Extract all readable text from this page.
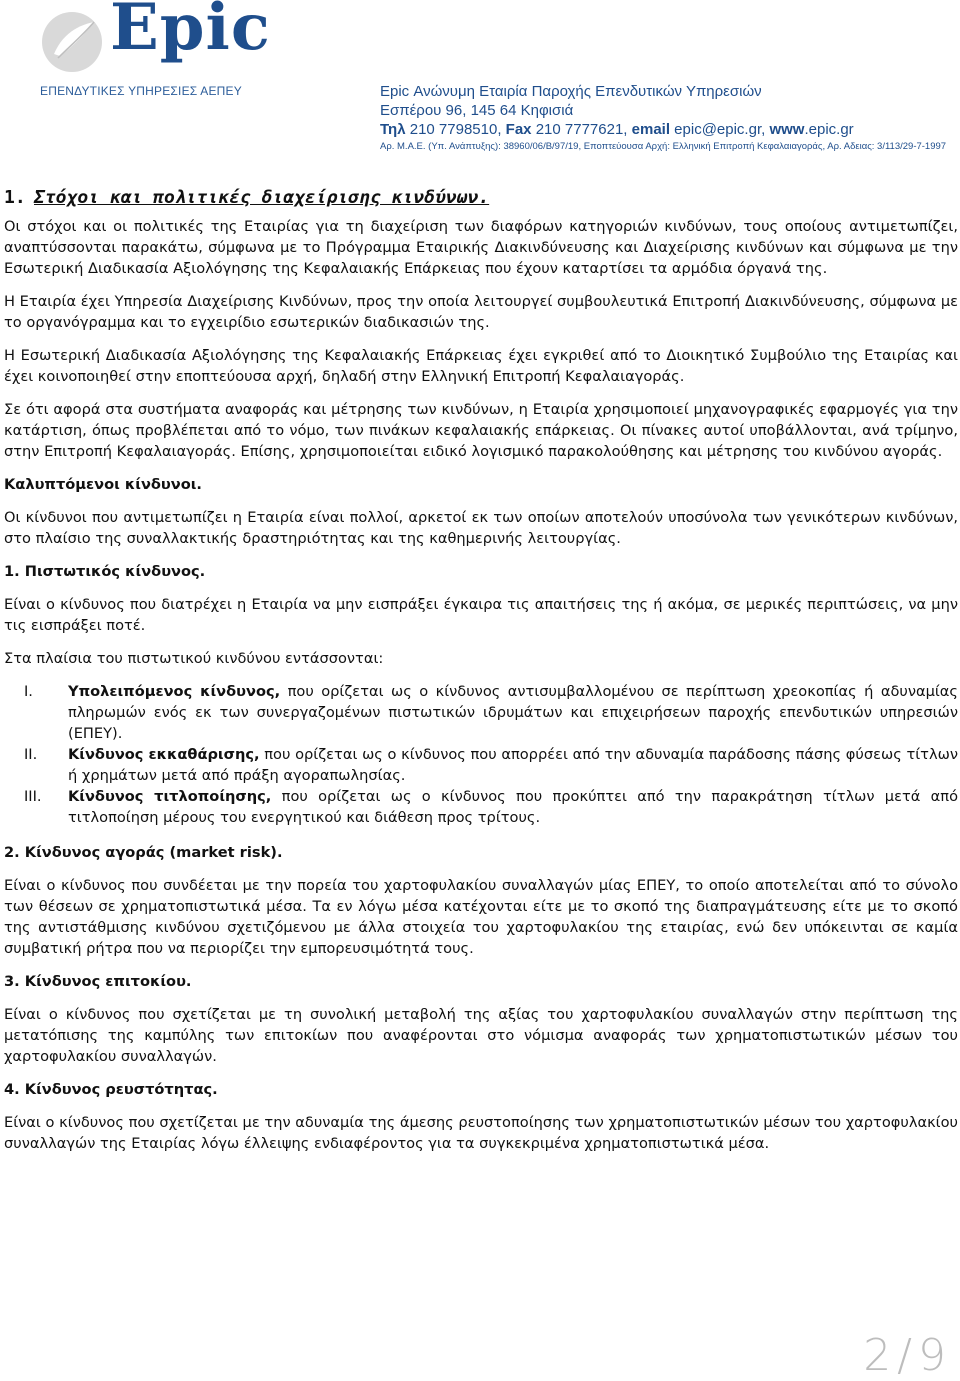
Epic
ΕΠΕΝΔΥΤΙΚΕΣ ΥΠΗΡΕΣΙΕΣ ΑΕΠΕΥ	Epic Ανώνυμη Εταιρία Παροχής Επενδυτικών Υπηρεσιών
Εσπέρου 96, 145 64 Κηφισιά
Τηλ 210 7798510, Fax 210 7777621, email epic@epic.gr, www.epic.gr
Αρ. Μ.Α.Ε. (Υπ. Ανάπτυξης): 38960/06/Β/97/19, Εποπτεύουσα Αρχή: Ελληνική Επιτροπή Κεφαλαιαγοράς, Αρ. Αδειας: 3/113/29-7-1997
1. Στόχοι και πολιτικές διαχείρισης κινδύνων.

Οι στόχοι και οι πολιτικές της Εταιρίας για τη διαχείριση των διαφόρων κατηγοριών κινδύνων, τους οποίους αντιμετωπίζει, αναπτύσσονται παρακάτω, σύμφωνα με το Πρόγραμμα Εταιρικής Διακινδύνευσης και Διαχείρισης κινδύνων και σύμφωνα με την Εσωτερική Διαδικασία Αξιολόγησης της Κεφαλαιακής Επάρκειας που έχουν καταρτίσει τα αρμόδια όργανά της.

Η Εταιρία έχει Υπηρεσία Διαχείρισης Κινδύνων, προς την οποία λειτουργεί συμβουλευτικά Επιτροπή Διακινδύνευσης, σύμφωνα με το οργανόγραμμα και το εγχειρίδιο εσωτερικών διαδικασιών της.

Η Εσωτερική Διαδικασία Αξιολόγησης της Κεφαλαιακής Επάρκειας έχει εγκριθεί από το Διοικητικό Συμβούλιο της Εταιρίας και έχει κοινοποιηθεί στην εποπτεύουσα αρχή, δηλαδή στην Ελληνική Επιτροπή Κεφαλαιαγοράς.

Σε ότι αφορά στα συστήματα αναφοράς και μέτρησης των κινδύνων, η Εταιρία χρησιμοποιεί μηχανογραφικές εφαρμογές για την κατάρτιση, όπως προβλέπεται από το νόμο, των πινάκων κεφαλαιακής επάρκειας. Οι πίνακες αυτοί υποβάλλονται, ανά τρίμηνο, στην Επιτροπή Κεφαλαιαγοράς. Επίσης, χρησιμοποιείται ειδικό λογισμικό παρακολούθησης και μέτρησης του κινδύνου αγοράς.

Καλυπτόμενοι κίνδυνοι.

Οι κίνδυνοι που αντιμετωπίζει η Εταιρία είναι πολλοί, αρκετοί εκ των οποίων αποτελούν υποσύνολα των γενικότερων κινδύνων, στο πλαίσιο της συναλλακτικής δραστηριότητας και της καθημερινής λειτουργίας.

1. Πιστωτικός κίνδυνος.

Είναι ο κίνδυνος που διατρέχει η Εταιρία να μην εισπράξει έγκαιρα τις απαιτήσεις της ή ακόμα, σε μερικές περιπτώσεις, να μην τις εισπράξει ποτέ.

Στα πλαίσια του πιστωτικού κινδύνου εντάσσονται:

I. Υπολειπόμενος κίνδυνος, που ορίζεται ως ο κίνδυνος αντισυμβαλλομένου σε περίπτωση χρεοκοπίας ή αδυναμίας πληρωμών ενός εκ των συνεργαζομένων πιστωτικών ιδρυμάτων και επιχειρήσεων παροχής επενδυτικών υπηρεσιών (ΕΠΕΥ).
II. Κίνδυνος εκκαθάρισης, που ορίζεται ως ο κίνδυνος που απορρέει από την αδυναμία παράδοσης πάσης φύσεως τίτλων ή χρημάτων μετά από πράξη αγοραπωλησίας.
III. Κίνδυνος τιτλοποίησης, που ορίζεται ως ο κίνδυνος που προκύπτει από την παρακράτηση τίτλων μετά από τιτλοποίηση μέρους του ενεργητικού και διάθεση προς τρίτους.
2. Κίνδυνος αγοράς (market risk).

Είναι ο κίνδυνος που συνδέεται με την πορεία του χαρτοφυλακίου συναλλαγών μίας ΕΠΕΥ, το οποίο αποτελείται από το σύνολο των θέσεων σε χρηματοπιστωτικά μέσα. Τα εν λόγω μέσα κατέχονται είτε με το σκοπό της διαπραγμάτευσης είτε με το σκοπό της αντιστάθμισης κινδύνου σχετιζόμενου με άλλα στοιχεία του χαρτοφυλακίου της εταιρίας, ενώ δεν υπόκεινται σε καμία συμβατική ρήτρα που να περιορίζει την εμπορευσιμότητά τους.

3. Κίνδυνος επιτοκίου.

Είναι ο κίνδυνος που σχετίζεται με τη συνολική μεταβολή της αξίας του χαρτοφυλακίου συναλλαγών στην περίπτωση της μετατόπισης της καμπύλης των επιτοκίων που αναφέρονται στο νόμισμα αναφοράς των χρηματοπιστωτικών μέσων του χαρτοφυλακίου συναλλαγών.

4. Κίνδυνος ρευστότητας.

Είναι ο κίνδυνος που σχετίζεται με την αδυναμία της άμεσης ρευστοποίησης των χρηματοπιστωτικών μέσων του χαρτοφυλακίου συναλλαγών της Εταιρίας λόγω έλλειψης ενδιαφέροντος για τα συγκεκριμένα χρηματοπιστωτικά μέσα.

2/9
